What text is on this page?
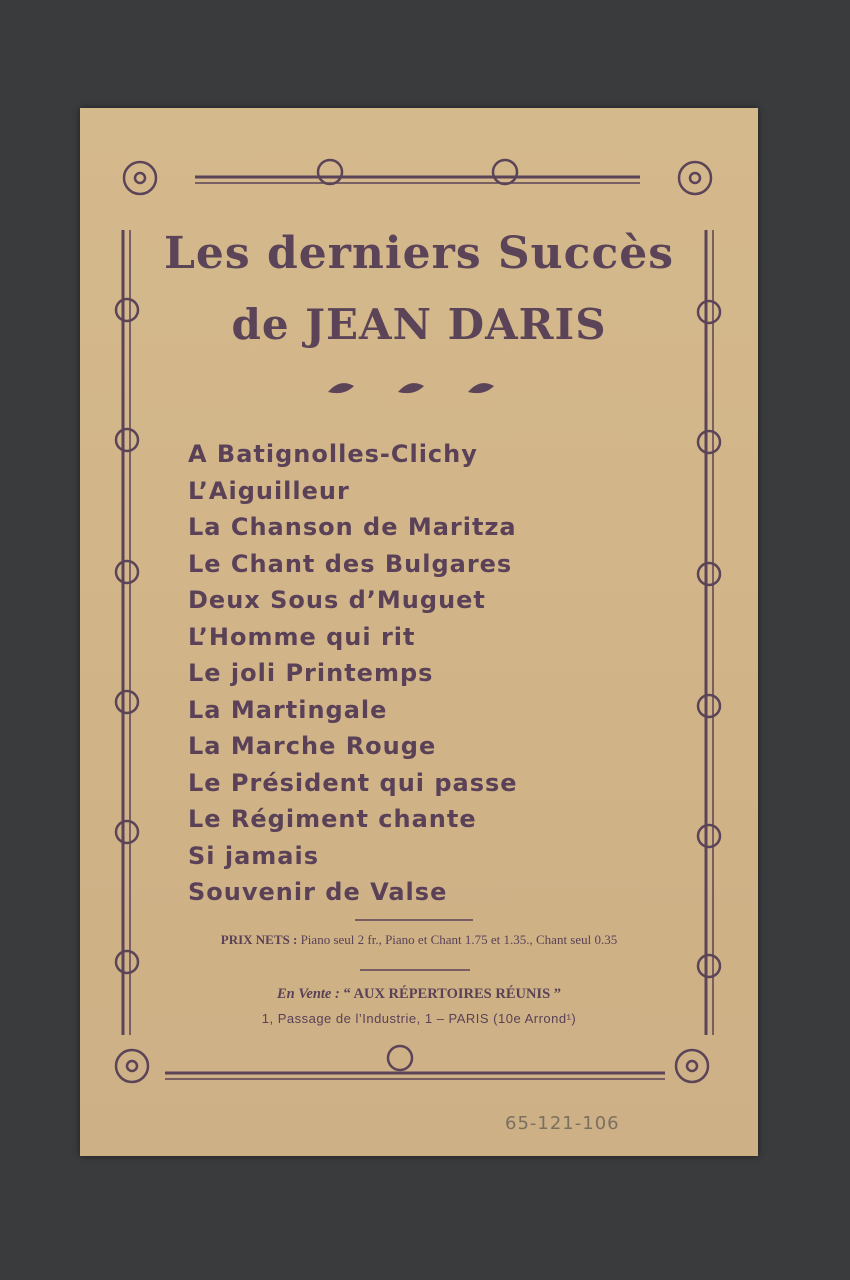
Les derniers Succès
de JEAN DARIS
A Batignolles-Clichy
L’Aiguilleur
La Chanson de Maritza
Le Chant des Bulgares
Deux Sous d’Muguet
L’Homme qui rit
Le joli Printemps
La Martingale
La Marche Rouge
Le Président qui passe
Le Régiment chante
Si jamais
Souvenir de Valse
PRIX NETS : Piano seul 2 fr., Piano et Chant 1.75 et 1.35., Chant seul 0.35
En Vente : “ AUX RÉPERTOIRES RÉUNIS ”
1, Passage de l’Industrie, 1 – PARIS (10e Arrond¹)
65-121-106
